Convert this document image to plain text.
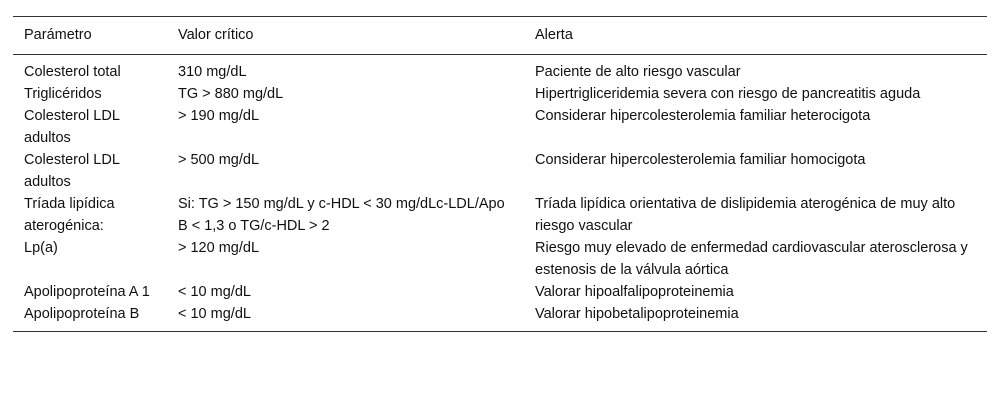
Parámetro	Valor crítico	Alerta
Colesterol total	310 mg/dL	Paciente de alto riesgo vascular
Triglicéridos	TG > 880 mg/dL	Hipertrigliceridemia severa con riesgo de pancreatitis aguda
Colesterol LDL adultos	> 190 mg/dL	Considerar hipercolesterolemia familiar heterocigota
Colesterol LDL adultos	> 500 mg/dL	Considerar hipercolesterolemia familiar homocigota
Tríada lipídica aterogénica:	Si: TG > 150 mg/dL y c-HDL < 30 mg/dLc-LDL/Apo B < 1,3 o TG/c-HDL > 2	Tríada lipídica orientativa de dislipidemia aterogénica de muy alto riesgo vascular
Lp(a)	> 120 mg/dL	Riesgo muy elevado de enfermedad cardiovascular aterosclerosa y estenosis de la válvula aórtica
Apolipoproteína A 1	< 10 mg/dL	Valorar hipoalfalipoproteinemia
Apolipoproteína B	< 10 mg/dL	Valorar hipobetalipoproteinemia
